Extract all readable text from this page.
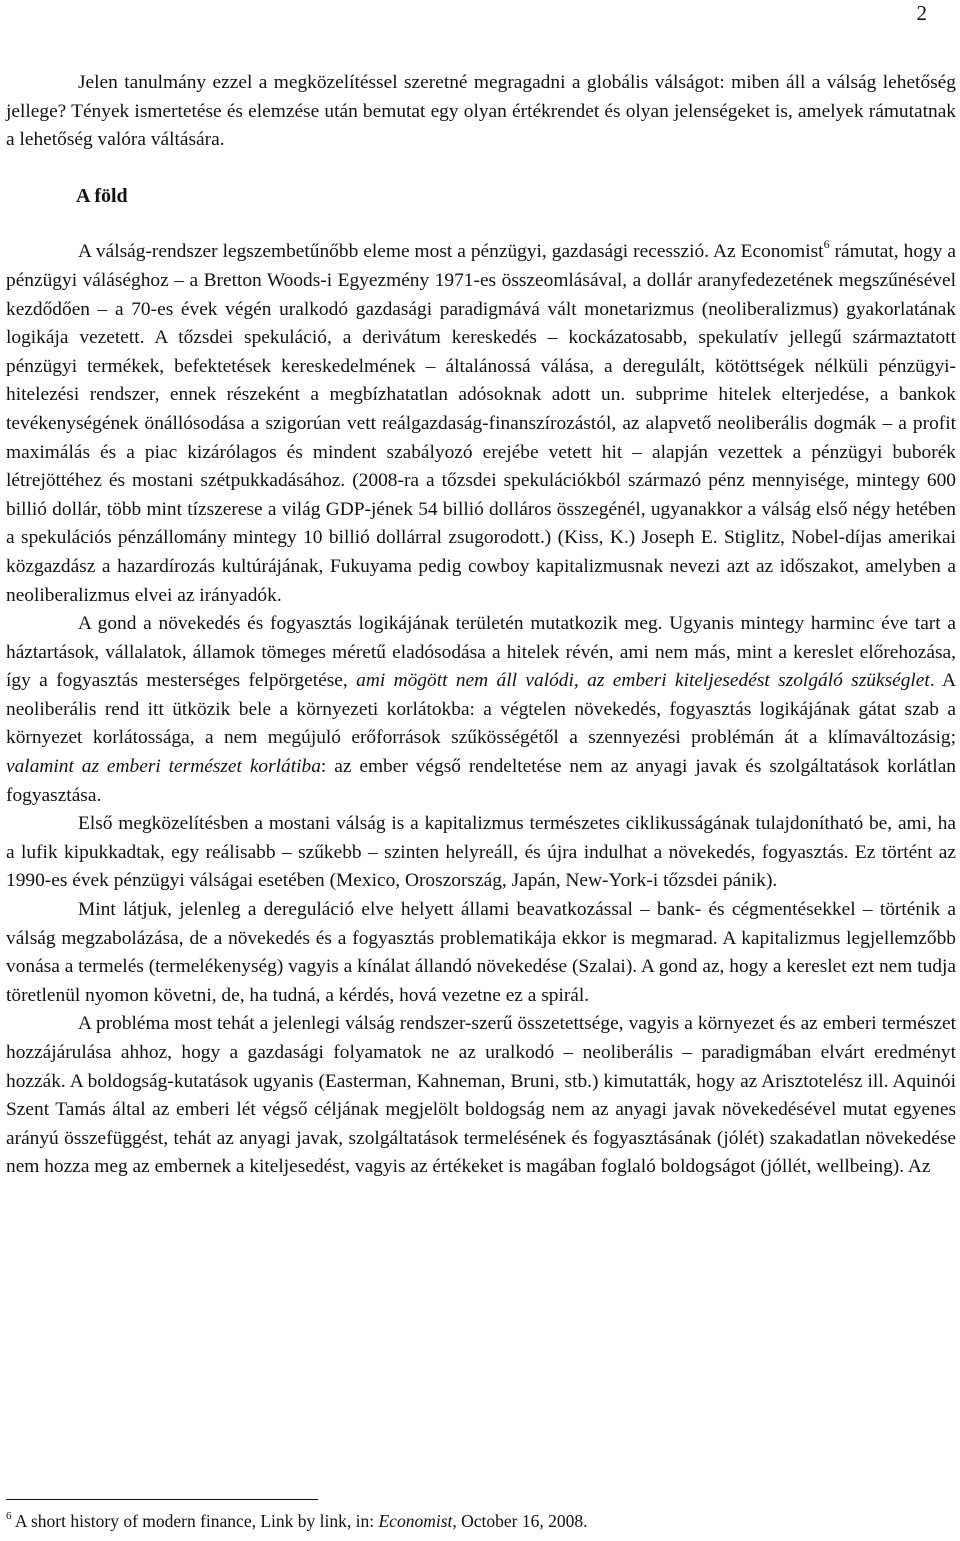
2

Jelen tanulmány ezzel a megközelítéssel szeretné megragadni a globális válságot: miben áll a válság lehetőség jellege? Tények ismertetése és elemzése után bemutat egy olyan értékrendet és olyan jelenségeket is, amelyek rámutatnak a lehetőség valóra váltására.

A föld

A válság-rendszer legszembetűnőbb eleme most a pénzügyi, gazdasági recesszió. Az Economist$^6$ rámutat, hogy a pénzügyi váláséghoz – a Bretton Woods-i Egyezmény 1971-es összeomlásával, a dollár aranyfedezetének megszűnésével kezdődően – a 70-es évek végén uralkodó gazdasági paradigmává vált monetarizmus (neoliberalizmus) gyakorlatának logikája vezetett. A tőzsdei spekuláció, a derivátum kereskedés – kockázatosabb, spekulatív jellegű származtatott pénzügyi termékek, befektetések kereskedelmének – általánossá válása, a deregulált, kötöttségek nélküli pénzügyi-hitelezési rendszer, ennek részeként a megbízhatatlan adósoknak adott un. subprime hitelek elterjedése, a bankok tevékenységének önállósodása a szigorúan vett reálgazdaság-finanszírozástól, az alapvető neoliberális dogmák – a profit maximálás és a piac kizárólagos és mindent szabályozó erejébe vetett hit – alapján vezettek a pénzügyi buborék létrejöttéhez és mostani szétpukkadásához. (2008-ra a tőzsdei spekulációkból származó pénz mennyisége, mintegy 600 billió dollár, több mint tízszerese a világ GDP-jének 54 billió dolláros összegénél, ugyanakkor a válság első négy hetében a spekulációs pénzállomány mintegy 10 billió dollárral zsugorodott.) (Kiss, K.) Joseph E. Stiglitz, Nobel-díjas amerikai közgazdász a hazardírozás kultúrájának, Fukuyama pedig cowboy kapitalizmusnak nevezi azt az időszakot, amelyben a neoliberalizmus elvei az irányadók.

A gond a növekedés és fogyasztás logikájának területén mutatkozik meg. Ugyanis mintegy harminc éve tart a háztartások, vállalatok, államok tömeges méretű eladósodása a hitelek révén, ami nem más, mint a kereslet előrehozása, így a fogyasztás mesterséges felpörgetése, ami mögött nem áll valódi, az emberi kiteljesedést szolgáló szükséglet. A neoliberális rend itt ütközik bele a környezeti korlátokba: a végtelen növekedés, fogyasztás logikájának gátat szab a környezet korlátossága, a nem megújuló erőforrások szűkösségétől a szennyezési problémán át a klímaváltozásig; valamint az emberi természet korlátiba: az ember végső rendeltetése nem az anyagi javak és szolgáltatások korlátlan fogyasztása.

Első megközelítésben a mostani válság is a kapitalizmus természetes ciklikusságának tulajdonítható be, ami, ha a lufik kipukkadtak, egy reálisabb – szűkebb – szinten helyreáll, és újra indulhat a növekedés, fogyasztás. Ez történt az 1990-es évek pénzügyi válságai esetében (Mexico, Oroszország, Japán, New-York-i tőzsdei pánik).

Mint látjuk, jelenleg a dereguláció elve helyett állami beavatkozással – bank- és cégmentésekkel – történik a válság megzabolázása, de a növekedés és a fogyasztás problematikája ekkor is megmarad. A kapitalizmus legjellemzőbb vonása a termelés (termelékenység) vagyis a kínálat állandó növekedése (Szalai). A gond az, hogy a kereslet ezt nem tudja töretlenül nyomon követni, de, ha tudná, a kérdés, hová vezetne ez a spirál.

A probléma most tehát a jelenlegi válság rendszer-szerű összetettsége, vagyis a környezet és az emberi természet hozzájárulása ahhoz, hogy a gazdasági folyamatok ne az uralkodó – neoliberális – paradigmában elvárt eredményt hozzák. A boldogság-kutatások ugyanis (Easterman, Kahneman, Bruni, stb.) kimutatták, hogy az Arisztotelész ill. Aquinói Szent Tamás által az emberi lét végső céljának megjelölt boldogság nem az anyagi javak növekedésével mutat egyenes arányú összefüggést, tehát az anyagi javak, szolgáltatások termelésének és fogyasztásának (jólét) szakadatlan növekedése nem hozza meg az embernek a kiteljesedést, vagyis az értékeket is magában foglaló boldogságot (jóllét, wellbeing). Az

$^6$ A short history of modern finance, Link by link, in: Economist, October 16, 2008.
